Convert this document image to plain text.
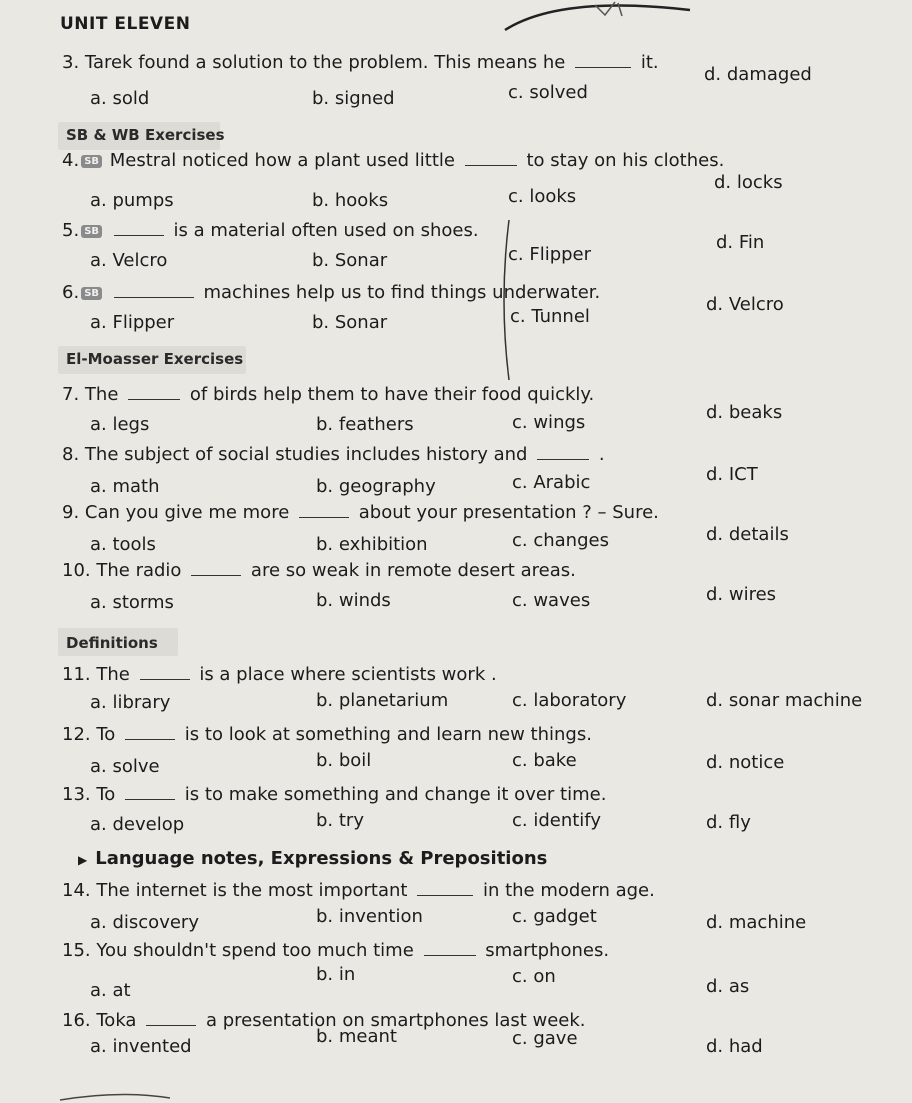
UNIT ELEVEN
3. Tarek found a solution to the problem. This means he	it.
a. sold	b. signed	c. solved
d. damaged
SB & WB Exercises
4. SB Mestral noticed how a plant used little	to stay on his clothes.
a. pumps	b. hooks	c. looks
d. locks
5. SB	is a material often used on shoes.
a. Velcro	b. Sonar	c. Flipper
d. Fin
6. SB	machines help us to find things underwater.
a. Flipper	b. Sonar	c. Tunnel
d. Velcro
El-Moasser Exercises
7. The	of birds help them to have their food quickly.
a. legs	b. feathers	c. wings	d. beaks
8. The subject of social studies includes history and	.
a. math	b. geography	c. Arabic	d. ICT
9. Can you give me more	about your presentation ? – Sure.
a. tools	b. exhibition	c. changes	d. details
10. The radio	are so weak in remote desert areas.
a. storms	b. winds	c. waves	d. wires
Definitions
11. The	is a place where scientists work .
a. library	b. planetarium	c. laboratory	d. sonar machine
12. To	is to look at something and learn new things.
a. solve	b. boil	c. bake	d. notice
13. To	is to make something and change it over time.
a. develop	b. try	c. identify	d. fly
▶ Language notes, Expressions & Prepositions
14. The internet is the most important	in the modern age.
a. discovery	b. invention	c. gadget	d. machine
15. You shouldn't spend too much time	smartphones.
a. at
b. in	c. on	d. as
16. Toka	a presentation on smartphones last week.
a. invented	b. meant	c. gave	d. had
